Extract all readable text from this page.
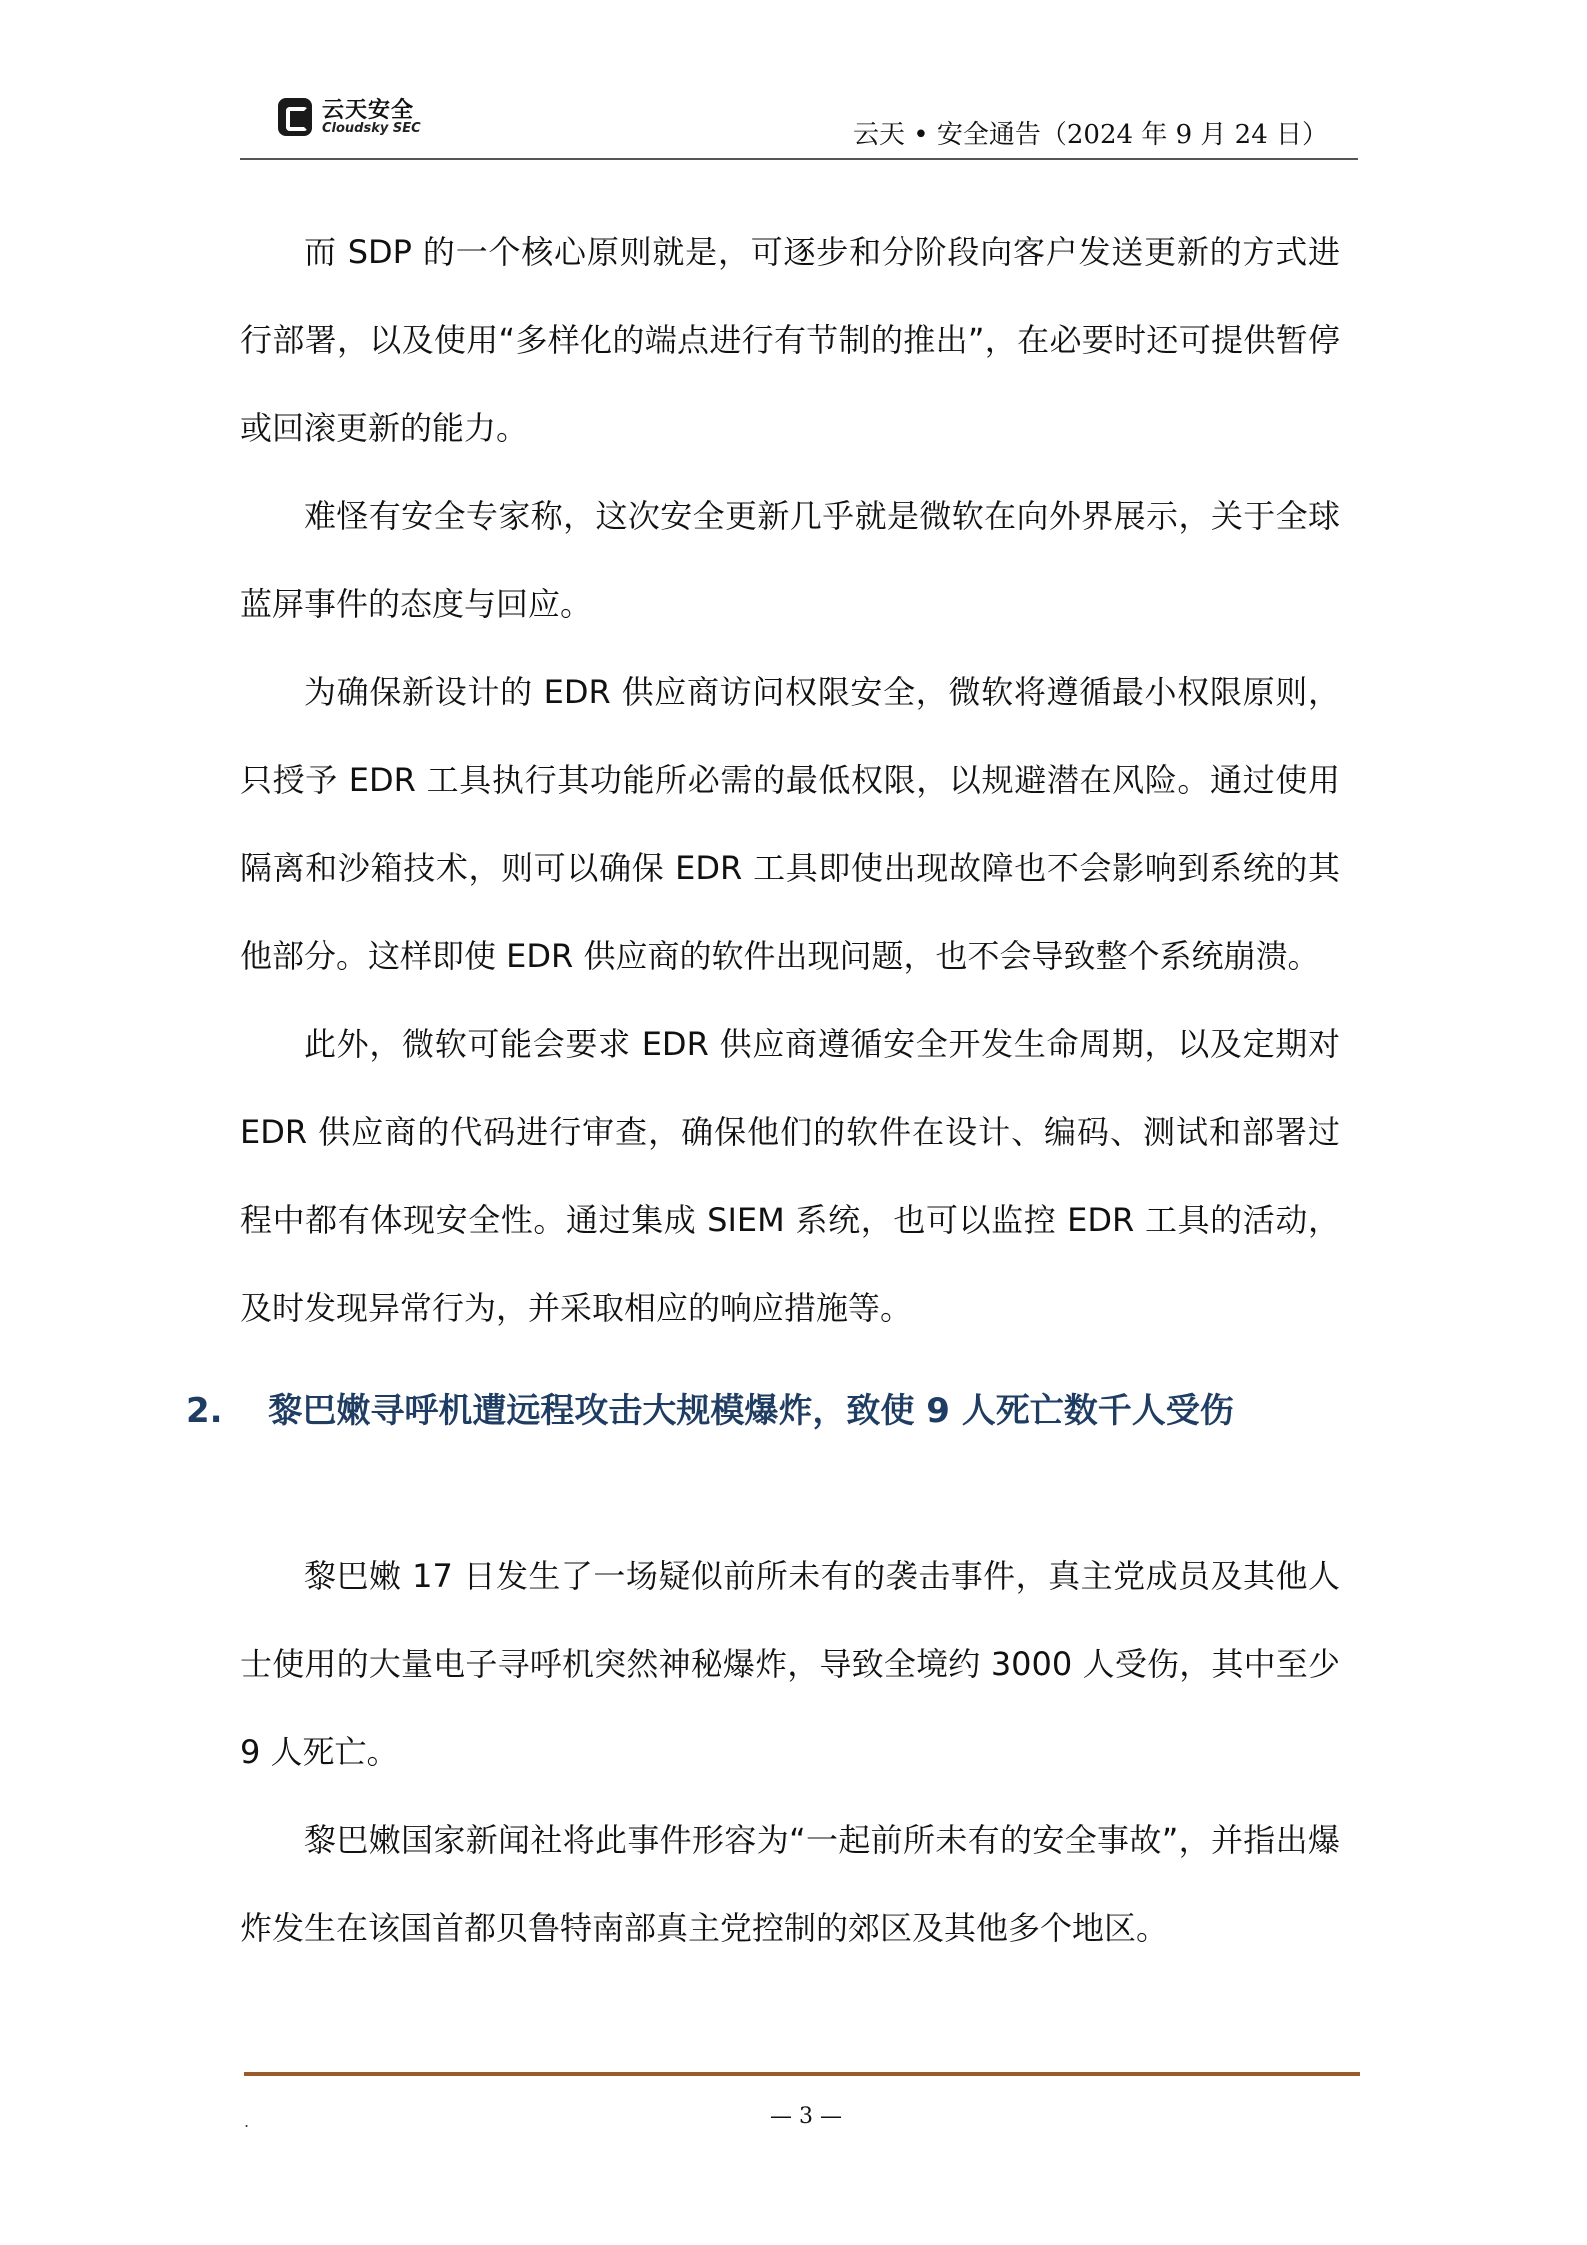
云天安全
Cloudsky SEC	云天 • 安全通告（2024 年 9 月 24 日）

而 SDP 的一个核心原则就是，可逐步和分阶段向客户发送更新的方式进行部署，以及使用“多样化的端点进行有节制的推出”，在必要时还可提供暂停或回滚更新的能力。

难怪有安全专家称，这次安全更新几乎就是微软在向外界展示，关于全球蓝屏事件的态度与回应。

为确保新设计的 EDR 供应商访问权限安全，微软将遵循最小权限原则，只授予 EDR 工具执行其功能所必需的最低权限，以规避潜在风险。通过使用隔离和沙箱技术，则可以确保 EDR 工具即使出现故障也不会影响到系统的其他部分。这样即使 EDR 供应商的软件出现问题，也不会导致整个系统崩溃。

此外，微软可能会要求 EDR 供应商遵循安全开发生命周期，以及定期对 EDR 供应商的代码进行审查，确保他们的软件在设计、编码、测试和部署过程中都有体现安全性。通过集成 SIEM 系统，也可以监控 EDR 工具的活动，及时发现异常行为，并采取相应的响应措施等。

2.　 黎巴嫩寻呼机遭远程攻击大规模爆炸，致使 9 人死亡数千人受伤

黎巴嫩 17 日发生了一场疑似前所未有的袭击事件，真主党成员及其他人士使用的大量电子寻呼机突然神秘爆炸，导致全境约 3000 人受伤，其中至少 9 人死亡。

黎巴嫩国家新闻社将此事件形容为“一起前所未有的安全事故”，并指出爆炸发生在该国首都贝鲁特南部真主党控制的郊区及其他多个地区。

.	— 3 —
